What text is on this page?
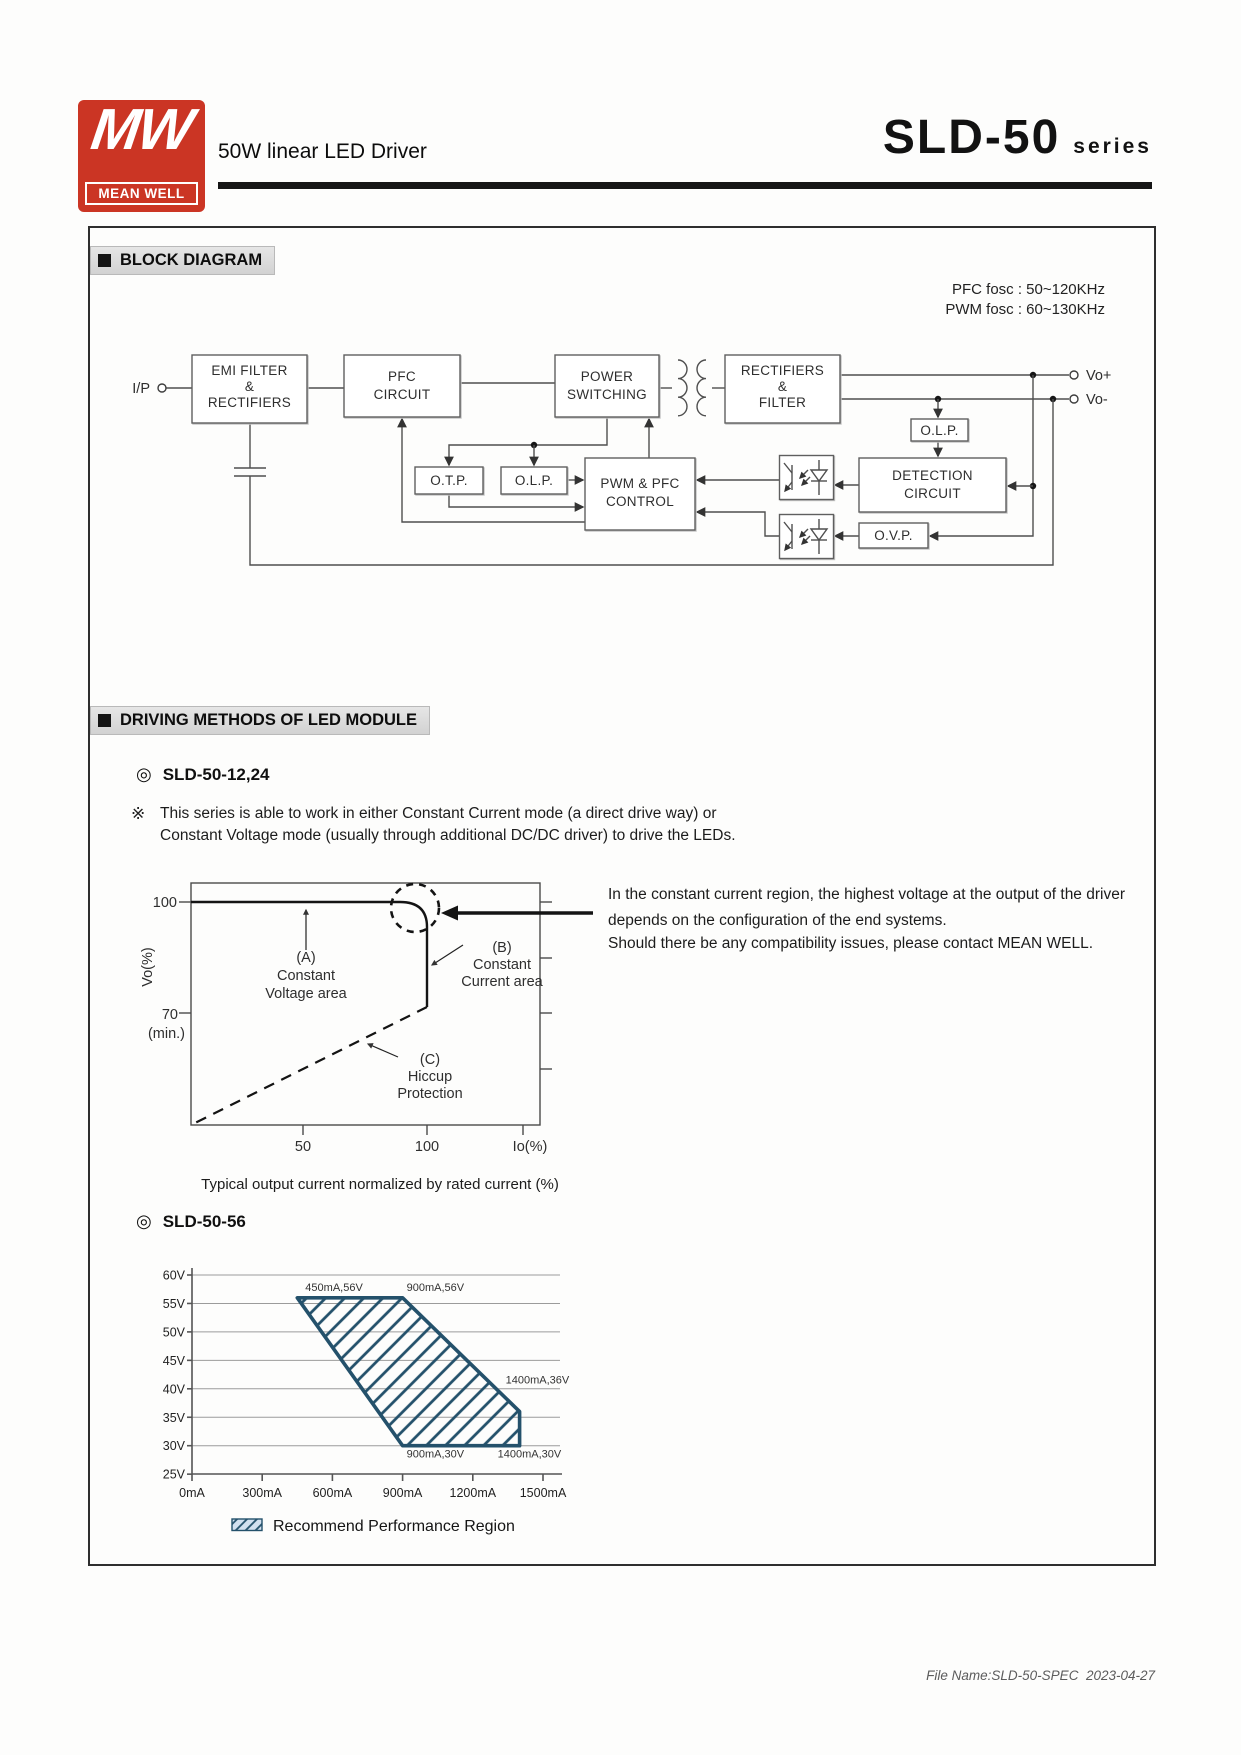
MW
MEAN WELL
50W linear LED Driver	SLD-50 series
BLOCK DIAGRAM
PFC fosc : 50~120KHz
PWM fosc : 60~130KHz
I/P
Vo+
Vo-
EMI FILTER
&
RECTIFIERS
PFC
CIRCUIT
POWER
SWITCHING
RECTIFIERS
&
FILTER
O.L.P.
DETECTION
CIRCUIT
O.T.P.	O.L.P.	PWM & PFC
CONTROL
O.V.P.
DRIVING METHODS OF LED MODULE
◎ SLD-50-12,24
※ This series is able to work in either Constant Current mode (a direct drive way) or
Constant Voltage mode (usually through additional DC/DC driver) to drive the LEDs.
100
70
(min.)
50	100	Io(%)
Vo(%)	(A)
Constant
Voltage area
(B)
Constant
Current area
(C)
Hiccup
Protection
In the constant current region, the highest voltage at the output of the driver
depends on the configuration of the end systems.
Should there be any compatibility issues, please contact MEAN WELL.
Typical output current normalized by rated current (%)
◎ SLD-50-56
25V
30V
35V
40V
45V
50V
55V
60V
0mA	300mA 600mA 900mA 1200mA 1500mA
450mA,56V	900mA,56V
1400mA,36V
900mA,30V	1400mA,30V
Recommend Performance Region
File Name:SLD-50-SPEC  2023-04-27
